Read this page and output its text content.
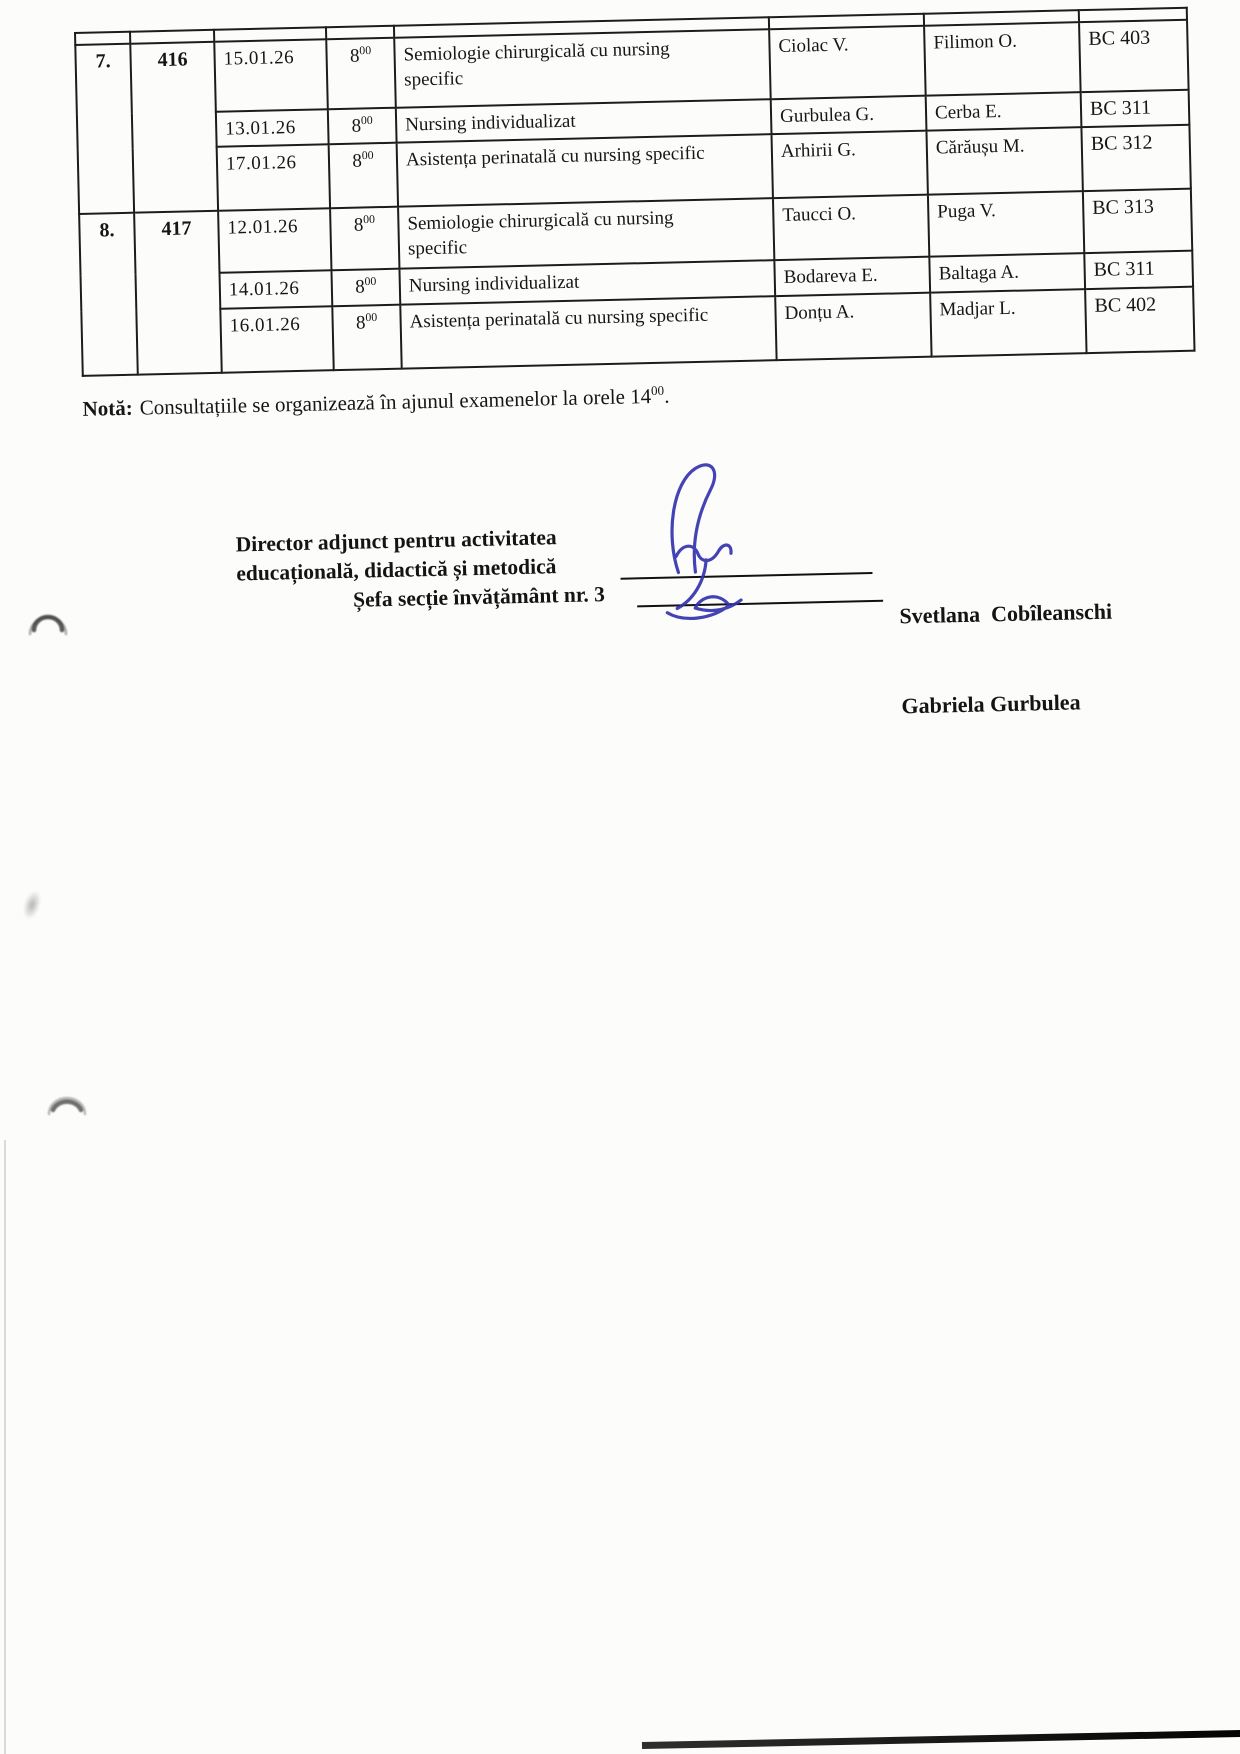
7.	416	15.01.26	$8^{00}$	Semiologie chirurgicală cu nursing specific	Ciolac V.	Filimon O.	BC 403
		13.01.26	$8^{00}$	Nursing individualizat	Gurbulea G.	Cerba E.	BC 311
		17.01.26	$8^{00}$	Asistența perinatală cu nursing specific	Arhirii G.	Cărăușu M.	BC 312
8.	417	12.01.26	$8^{00}$	Semiologie chirurgicală cu nursing specific	Taucci O.	Puga V.	BC 313
		14.01.26	$8^{00}$	Nursing individualizat	Bodareva E.	Baltaga A.	BC 311
		16.01.26	$8^{00}$	Asistența perinatală cu nursing specific	Donțu A.	Madjar L.	BC 402
Notă: Consultațiile se organizează în ajunul examenelor la orele $14^{00}$.
Director adjunct pentru activitatea
educațională, didactică și metodică
Șefa secție învățământ nr. 3

Svetlana  Cobîleanschi

Gabriela Gurbulea
